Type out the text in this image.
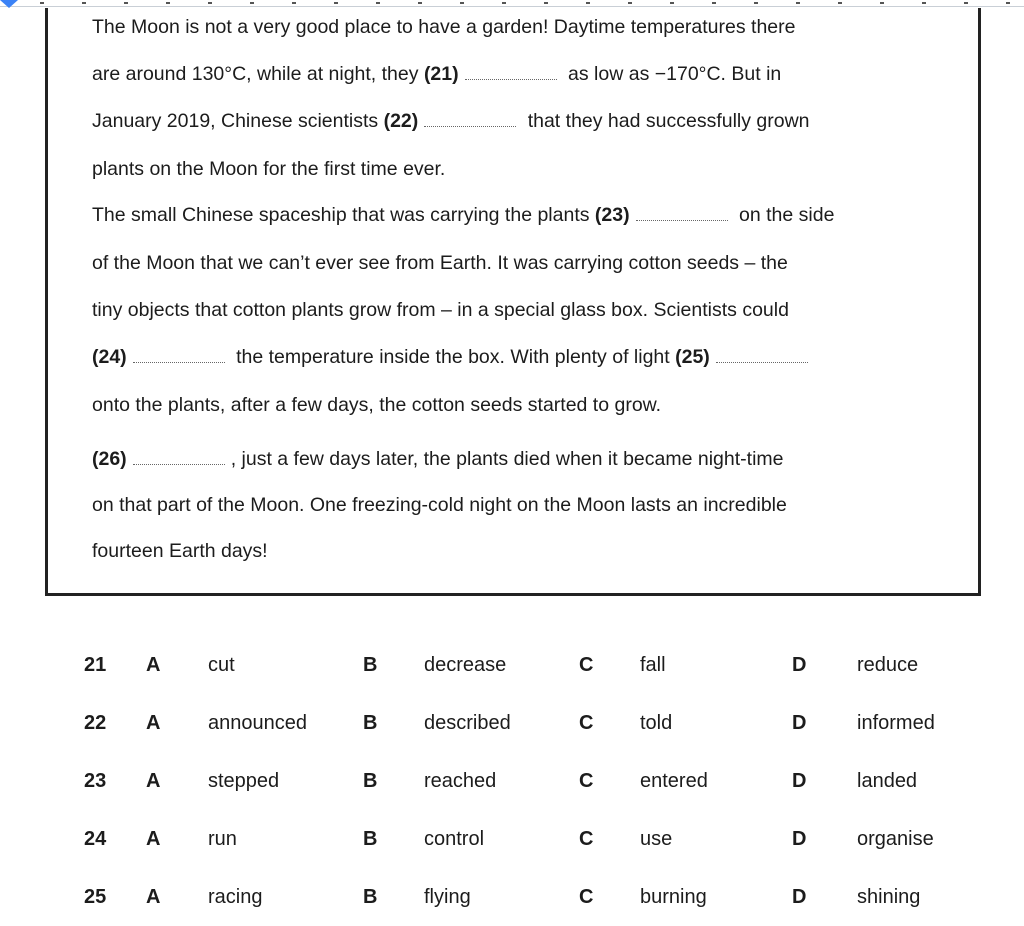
The Moon is not a very good place to have a garden! Daytime temperatures there
are around 130°C, while at night, they (21)	as low as −170°C. But in
January 2019, Chinese scientists (22)	that they had successfully grown
plants on the Moon for the first time ever.
The small Chinese spaceship that was carrying the plants (23)	on the side
of the Moon that we can’t ever see from Earth. It was carrying cotton seeds – the
tiny objects that cotton plants grow from – in a special glass box. Scientists could
(24)	the temperature inside the box. With plenty of light (25)
onto the plants, after a few days, the cotton seeds started to grow.
(26)	, just a few days later, the plants died when it became night-time
on that part of the Moon. One freezing-cold night on the Moon lasts an incredible
fourteen Earth days!
21 A cut	B decrease	C fall	D	reduce
22 A announced	B described	C told	D	informed
23 A stepped	B reached	C entered	D	landed
24 A run	B control	C use	D	organise
25 A racing	B flying	C burning	D	shining
